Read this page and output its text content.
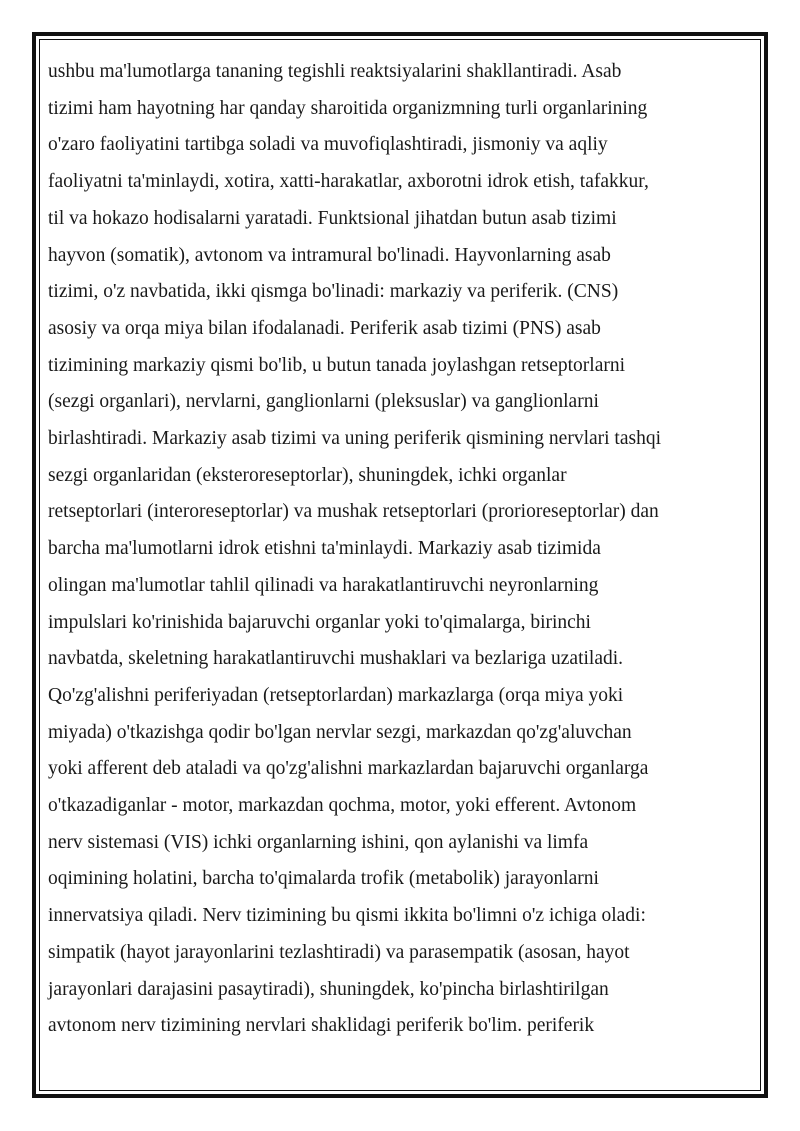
ushbu ma'lumotlarga tananing tegishli reaktsiyalarini shakllantiradi. Asab
tizimi ham hayotning har qanday sharoitida organizmning turli organlarining
o'zaro faoliyatini tartibga soladi va muvofiqlashtiradi, jismoniy va aqliy
faoliyatni ta'minlaydi, xotira, xatti-harakatlar, axborotni idrok etish, tafakkur,
til va hokazo hodisalarni yaratadi. Funktsional jihatdan butun asab tizimi
hayvon (somatik), avtonom va intramural bo'linadi. Hayvonlarning asab
tizimi, o'z navbatida, ikki qismga bo'linadi: markaziy va periferik. (CNS)
asosiy va orqa miya bilan ifodalanadi. Periferik asab tizimi (PNS) asab
tizimining markaziy qismi bo'lib, u butun tanada joylashgan retseptorlarni
(sezgi organlari), nervlarni, ganglionlarni (pleksuslar) va ganglionlarni
birlashtiradi. Markaziy asab tizimi va uning periferik qismining nervlari tashqi
sezgi organlaridan (eksteroreseptorlar), shuningdek, ichki organlar
retseptorlari (interoreseptorlar) va mushak retseptorlari (prorioreseptorlar) dan
barcha ma'lumotlarni idrok etishni ta'minlaydi. Markaziy asab tizimida
olingan ma'lumotlar tahlil qilinadi va harakatlantiruvchi neyronlarning
impulslari ko'rinishida bajaruvchi organlar yoki to'qimalarga, birinchi
navbatda, skeletning harakatlantiruvchi mushaklari va bezlariga uzatiladi.
Qo'zg'alishni periferiyadan (retseptorlardan) markazlarga (orqa miya yoki
miyada) o'tkazishga qodir bo'lgan nervlar sezgi, markazdan qo'zg'aluvchan
yoki afferent deb ataladi va qo'zg'alishni markazlardan bajaruvchi organlarga
o'tkazadiganlar - motor, markazdan qochma, motor, yoki efferent. Avtonom
nerv sistemasi (VIS) ichki organlarning ishini, qon aylanishi va limfa
oqimining holatini, barcha to'qimalarda trofik (metabolik) jarayonlarni
innervatsiya qiladi. Nerv tizimining bu qismi ikkita bo'limni o'z ichiga oladi:
simpatik (hayot jarayonlarini tezlashtiradi) va parasempatik (asosan, hayot
jarayonlari darajasini pasaytiradi), shuningdek, ko'pincha birlashtirilgan
avtonom nerv tizimining nervlari shaklidagi periferik bo'lim. periferik
